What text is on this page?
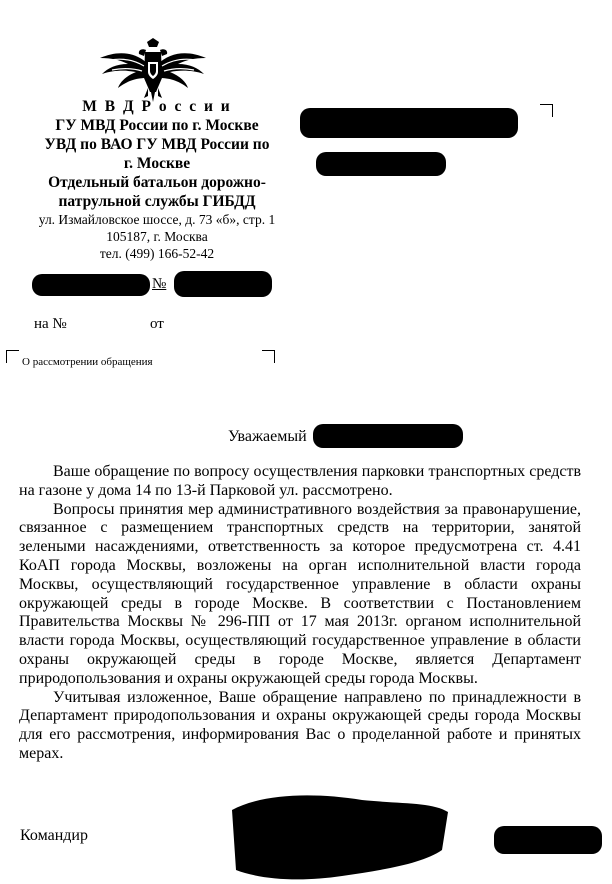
М В Д Р о с с и и
ГУ МВД России по г. Москве
УВД по ВАО ГУ МВД России по
г. Москве
Отдельный батальон дорожно-
патрульной службы ГИБДД
ул. Измайловское шоссе, д. 73 «б», стр. 1
105187, г. Москва
тел. (499) 166-52-42
№
на №	от
О рассмотрении обращения
Уважаемый

Ваше обращение по вопросу осуществления парковки транспортных средств на газоне у дома 14 по 13-й Парковой ул. рассмотрено.

Вопросы принятия мер административного воздействия за правонарушение, связанное с размещением транспортных средств на территории, занятой зелеными насаждениями, ответственность за которое предусмотрена ст. 4.41 КоАП города Москвы, возложены на орган исполнительной власти города Москвы, осуществляющий государственное управление в области охраны окружающей среды в городе Москве. В соответствии с Постановлением Правительства Москвы № 296-ПП от 17 мая 2013г. органом исполнительной власти города Москвы, осуществляющий государственное управление в области охраны окружающей среды в городе Москве, является Департамент природопользования и охраны окружающей среды города Москвы.

Учитывая изложенное, Ваше обращение направлено по принадлежности в Департамент природопользования и охраны окружающей среды города Москвы для его рассмотрения, информирования Вас о проделанной работе и принятых мерах.

Командир
